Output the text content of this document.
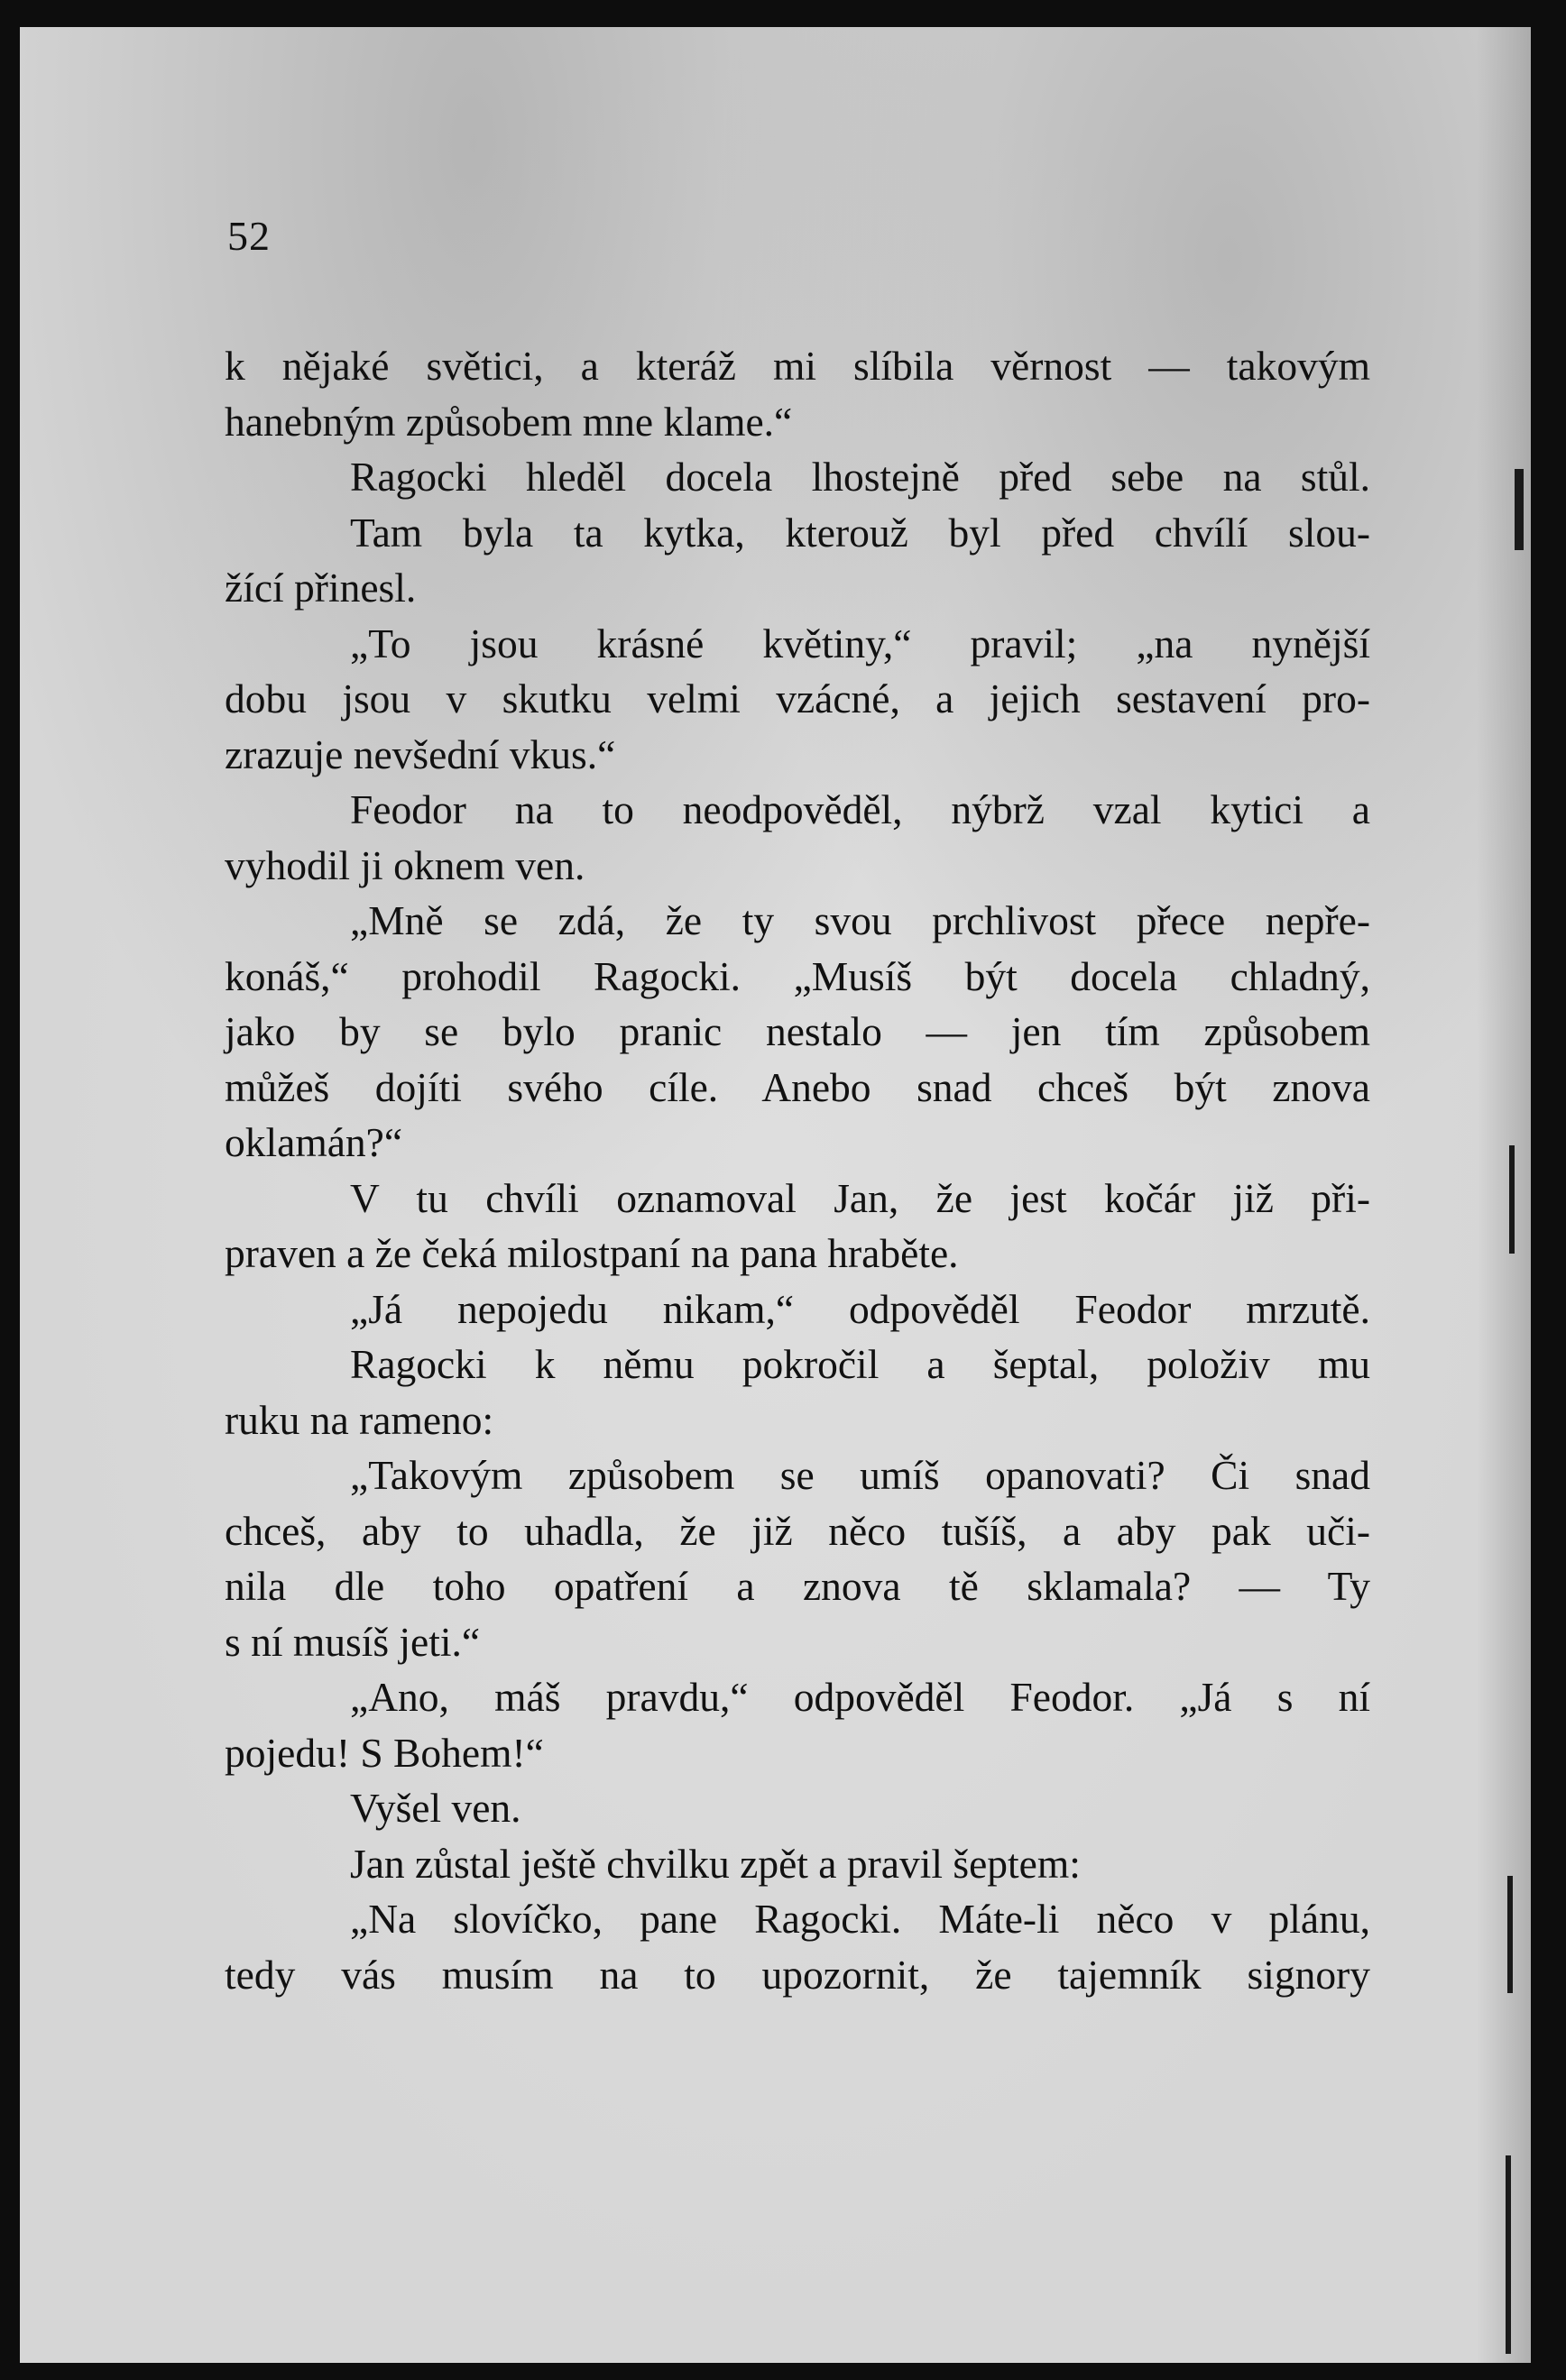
52
k nějaké světici, a kteráž mi slíbila věrnost — takovým
hanebným způsobem mne klame.“
Ragocki hleděl docela lhostejně před sebe na stůl.
Tam byla ta kytka, kterouž byl před chvílí slou-
žící přinesl.
„To jsou krásné květiny,“ pravil; „na nynější
dobu jsou v skutku velmi vzácné, a jejich sestavení pro-
zrazuje nevšední vkus.“
Feodor na to neodpověděl, nýbrž vzal kytici a
vyhodil ji oknem ven.
„Mně se zdá, že ty svou prchlivost přece nepře-
konáš,“ prohodil Ragocki. „Musíš být docela chladný,
jako by se bylo pranic nestalo — jen tím způsobem
můžeš dojíti svého cíle. Anebo snad chceš být znova
oklamán?“
V tu chvíli oznamoval Jan, že jest kočár již při-
praven a že čeká milostpaní na pana hraběte.
„Já nepojedu nikam,“ odpověděl Feodor mrzutě.
Ragocki k němu pokročil a šeptal, položiv mu
ruku na rameno:
„Takovým způsobem se umíš opanovati? Či snad
chceš, aby to uhadla, že již něco tušíš, a aby pak uči-
nila dle toho opatření a znova tě sklamala? — Ty
s ní musíš jeti.“
„Ano, máš pravdu,“ odpověděl Feodor. „Já s ní
pojedu! S Bohem!“
Vyšel ven.
Jan zůstal ještě chvilku zpět a pravil šeptem:
„Na slovíčko, pane Ragocki. Máte-li něco v plánu,
tedy vás musím na to upozornit, že tajemník signory
